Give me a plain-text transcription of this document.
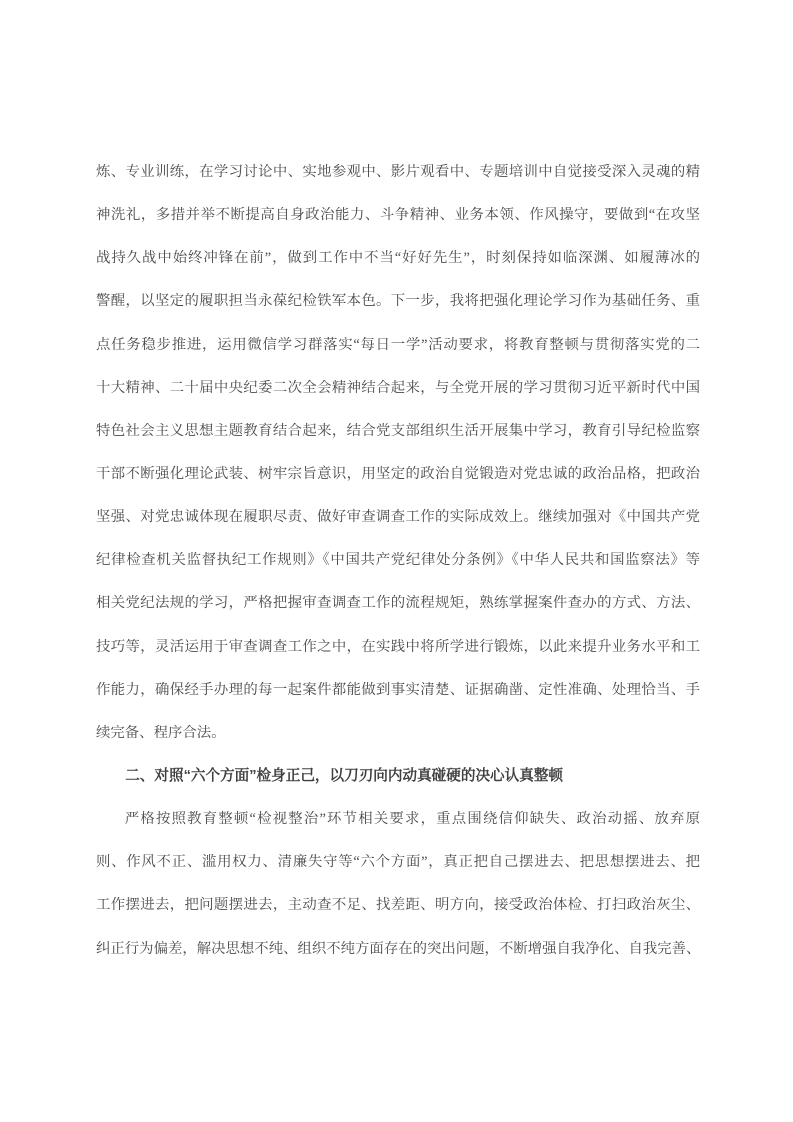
炼、专业训练，在学习讨论中、实地参观中、影片观看中、专题培训中自觉接受深入灵魂的精
神洗礼，多措并举不断提高自身政治能力、斗争精神、业务本领、作风操守，要做到“在攻坚
战持久战中始终冲锋在前”，做到工作中不当“好好先生”，时刻保持如临深渊、如履薄冰的
警醒，以坚定的履职担当永葆纪检铁军本色。下一步，我将把强化理论学习作为基础任务、重
点任务稳步推进，运用微信学习群落实“每日一学”活动要求，将教育整顿与贯彻落实党的二
十大精神、二十届中央纪委二次全会精神结合起来，与全党开展的学习贯彻习近平新时代中国
特色社会主义思想主题教育结合起来，结合党支部组织生活开展集中学习，教育引导纪检监察
干部不断强化理论武装、树牢宗旨意识，用坚定的政治自觉锻造对党忠诚的政治品格，把政治
坚强、对党忠诚体现在履职尽责、做好审查调查工作的实际成效上。继续加强对《中国共产党
纪律检查机关监督执纪工作规则》《中国共产党纪律处分条例》《中华人民共和国监察法》等
相关党纪法规的学习，严格把握审查调查工作的流程规矩，熟练掌握案件查办的方式、方法、
技巧等，灵活运用于审查调查工作之中，在实践中将所学进行锻炼，以此来提升业务水平和工
作能力，确保经手办理的每一起案件都能做到事实清楚、证据确凿、定性准确、处理恰当、手
续完备、程序合法。
二、对照“六个方面”检身正己，以刀刃向内动真碰硬的决心认真整顿
严格按照教育整顿“检视整治”环节相关要求，重点围绕信仰缺失、政治动摇、放弃原
则、作风不正、滥用权力、清廉失守等“六个方面”，真正把自己摆进去、把思想摆进去、把
工作摆进去，把问题摆进去，主动查不足、找差距、明方向，接受政治体检、打扫政治灰尘、
纠正行为偏差，解决思想不纯、组织不纯方面存在的突出问题，不断增强自我净化、自我完善、
